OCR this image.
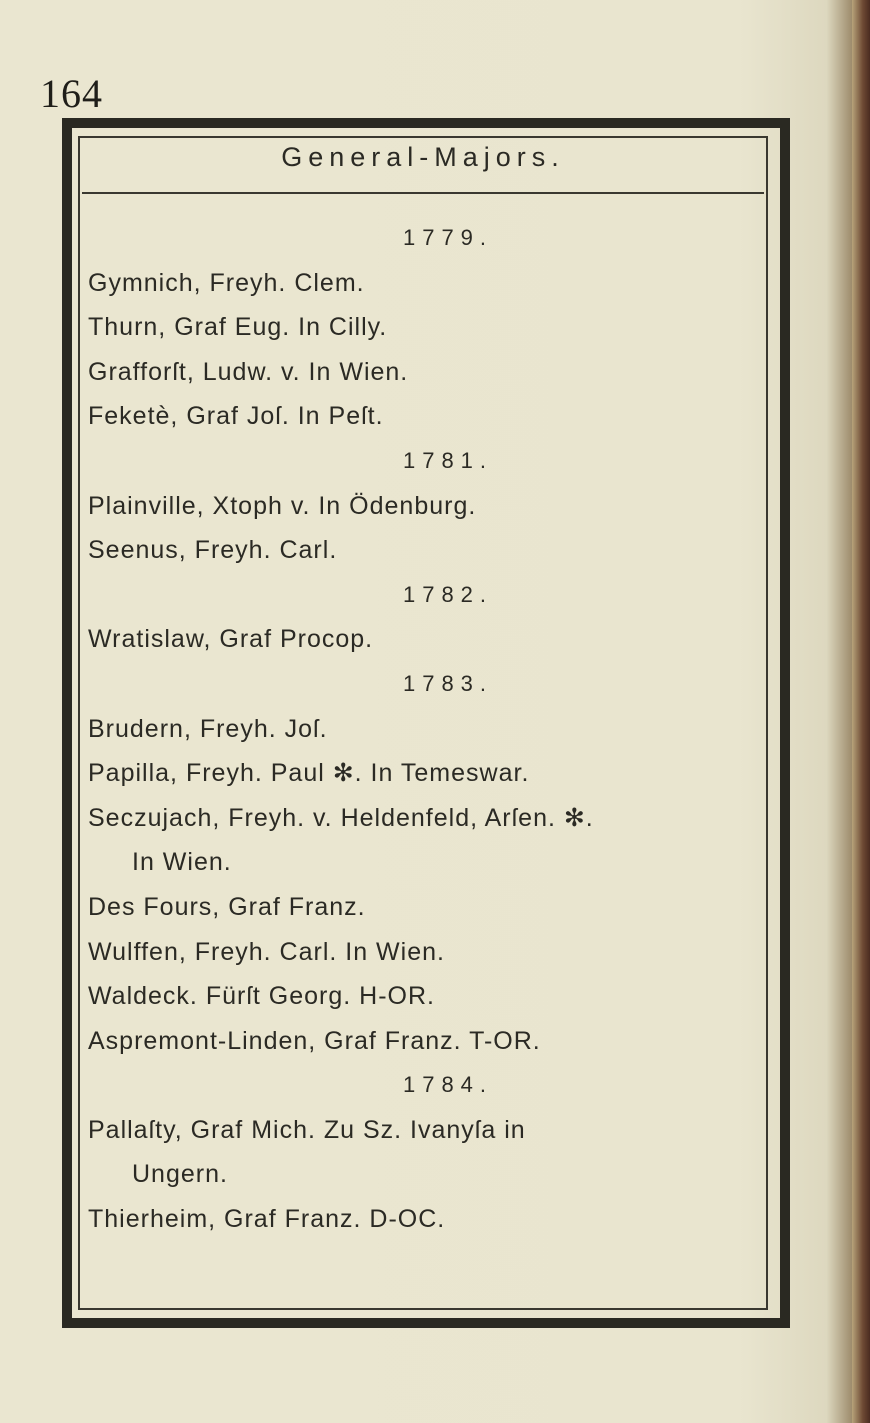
164
General-Majors.
1779.
Gymnich, Freyh. Clem.
Thurn, Graf Eug. In Cilly.
Grafforſt, Ludw. v. In Wien.
Feketè, Graf Joſ. In Peſt.
1781.
Plainville, Xtoph v. In Ödenburg.
Seenus, Freyh. Carl.
1782.
Wratislaw, Graf Procop.
1783.
Brudern, Freyh. Joſ.
Papilla, Freyh. Paul ✻. In Temeswar.
Seczujach, Freyh. v. Heldenfeld, Arſen. ✻.
In Wien.
Des Fours, Graf Franz.
Wulffen, Freyh. Carl. In Wien.
Waldeck. Fürſt Georg. H-OR.
Aspremont-Linden, Graf Franz. T-OR.
1784.
Pallaſty, Graf Mich. Zu Sz. Ivanyſa in
Ungern.
Thierheim, Graf Franz. D-OC.
